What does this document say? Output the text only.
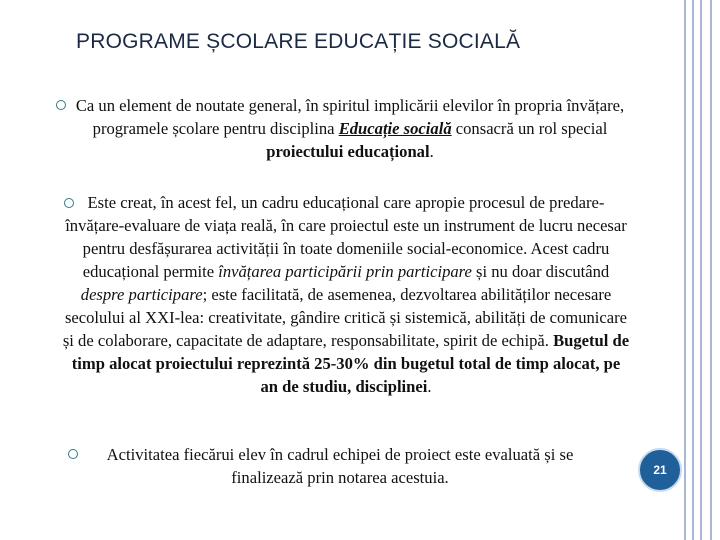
PROGRAME ȘCOLARE EDUCAȚIE SOCIALĂ

Ca un element de noutate general, în spiritul implicării elevilor în propria învățare, programele școlare pentru disciplina Educație socială consacră un rol special proiectului educațional.

Este creat, în acest fel, un cadru educațional care apropie procesul de predare-învățare-evaluare de viața reală, în care proiectul este un instrument de lucru necesar pentru desfășurarea activității în toate domeniile social-economice. Acest cadru educațional permite învățarea participării prin participare și nu doar discutând despre participare; este facilitată, de asemenea, dezvoltarea abilităților necesare secolului al XXI-lea: creativitate, gândire critică și sistemică, abilități de comunicare și de colaborare, capacitate de adaptare, responsabilitate, spirit de echipă. Bugetul de timp alocat proiectului reprezintă 25-30% din bugetul total de timp alocat, pe an de studiu, disciplinei.

Activitatea fiecărui elev în cadrul echipei de proiect este evaluată și se finalizează prin notarea acestuia.	21
